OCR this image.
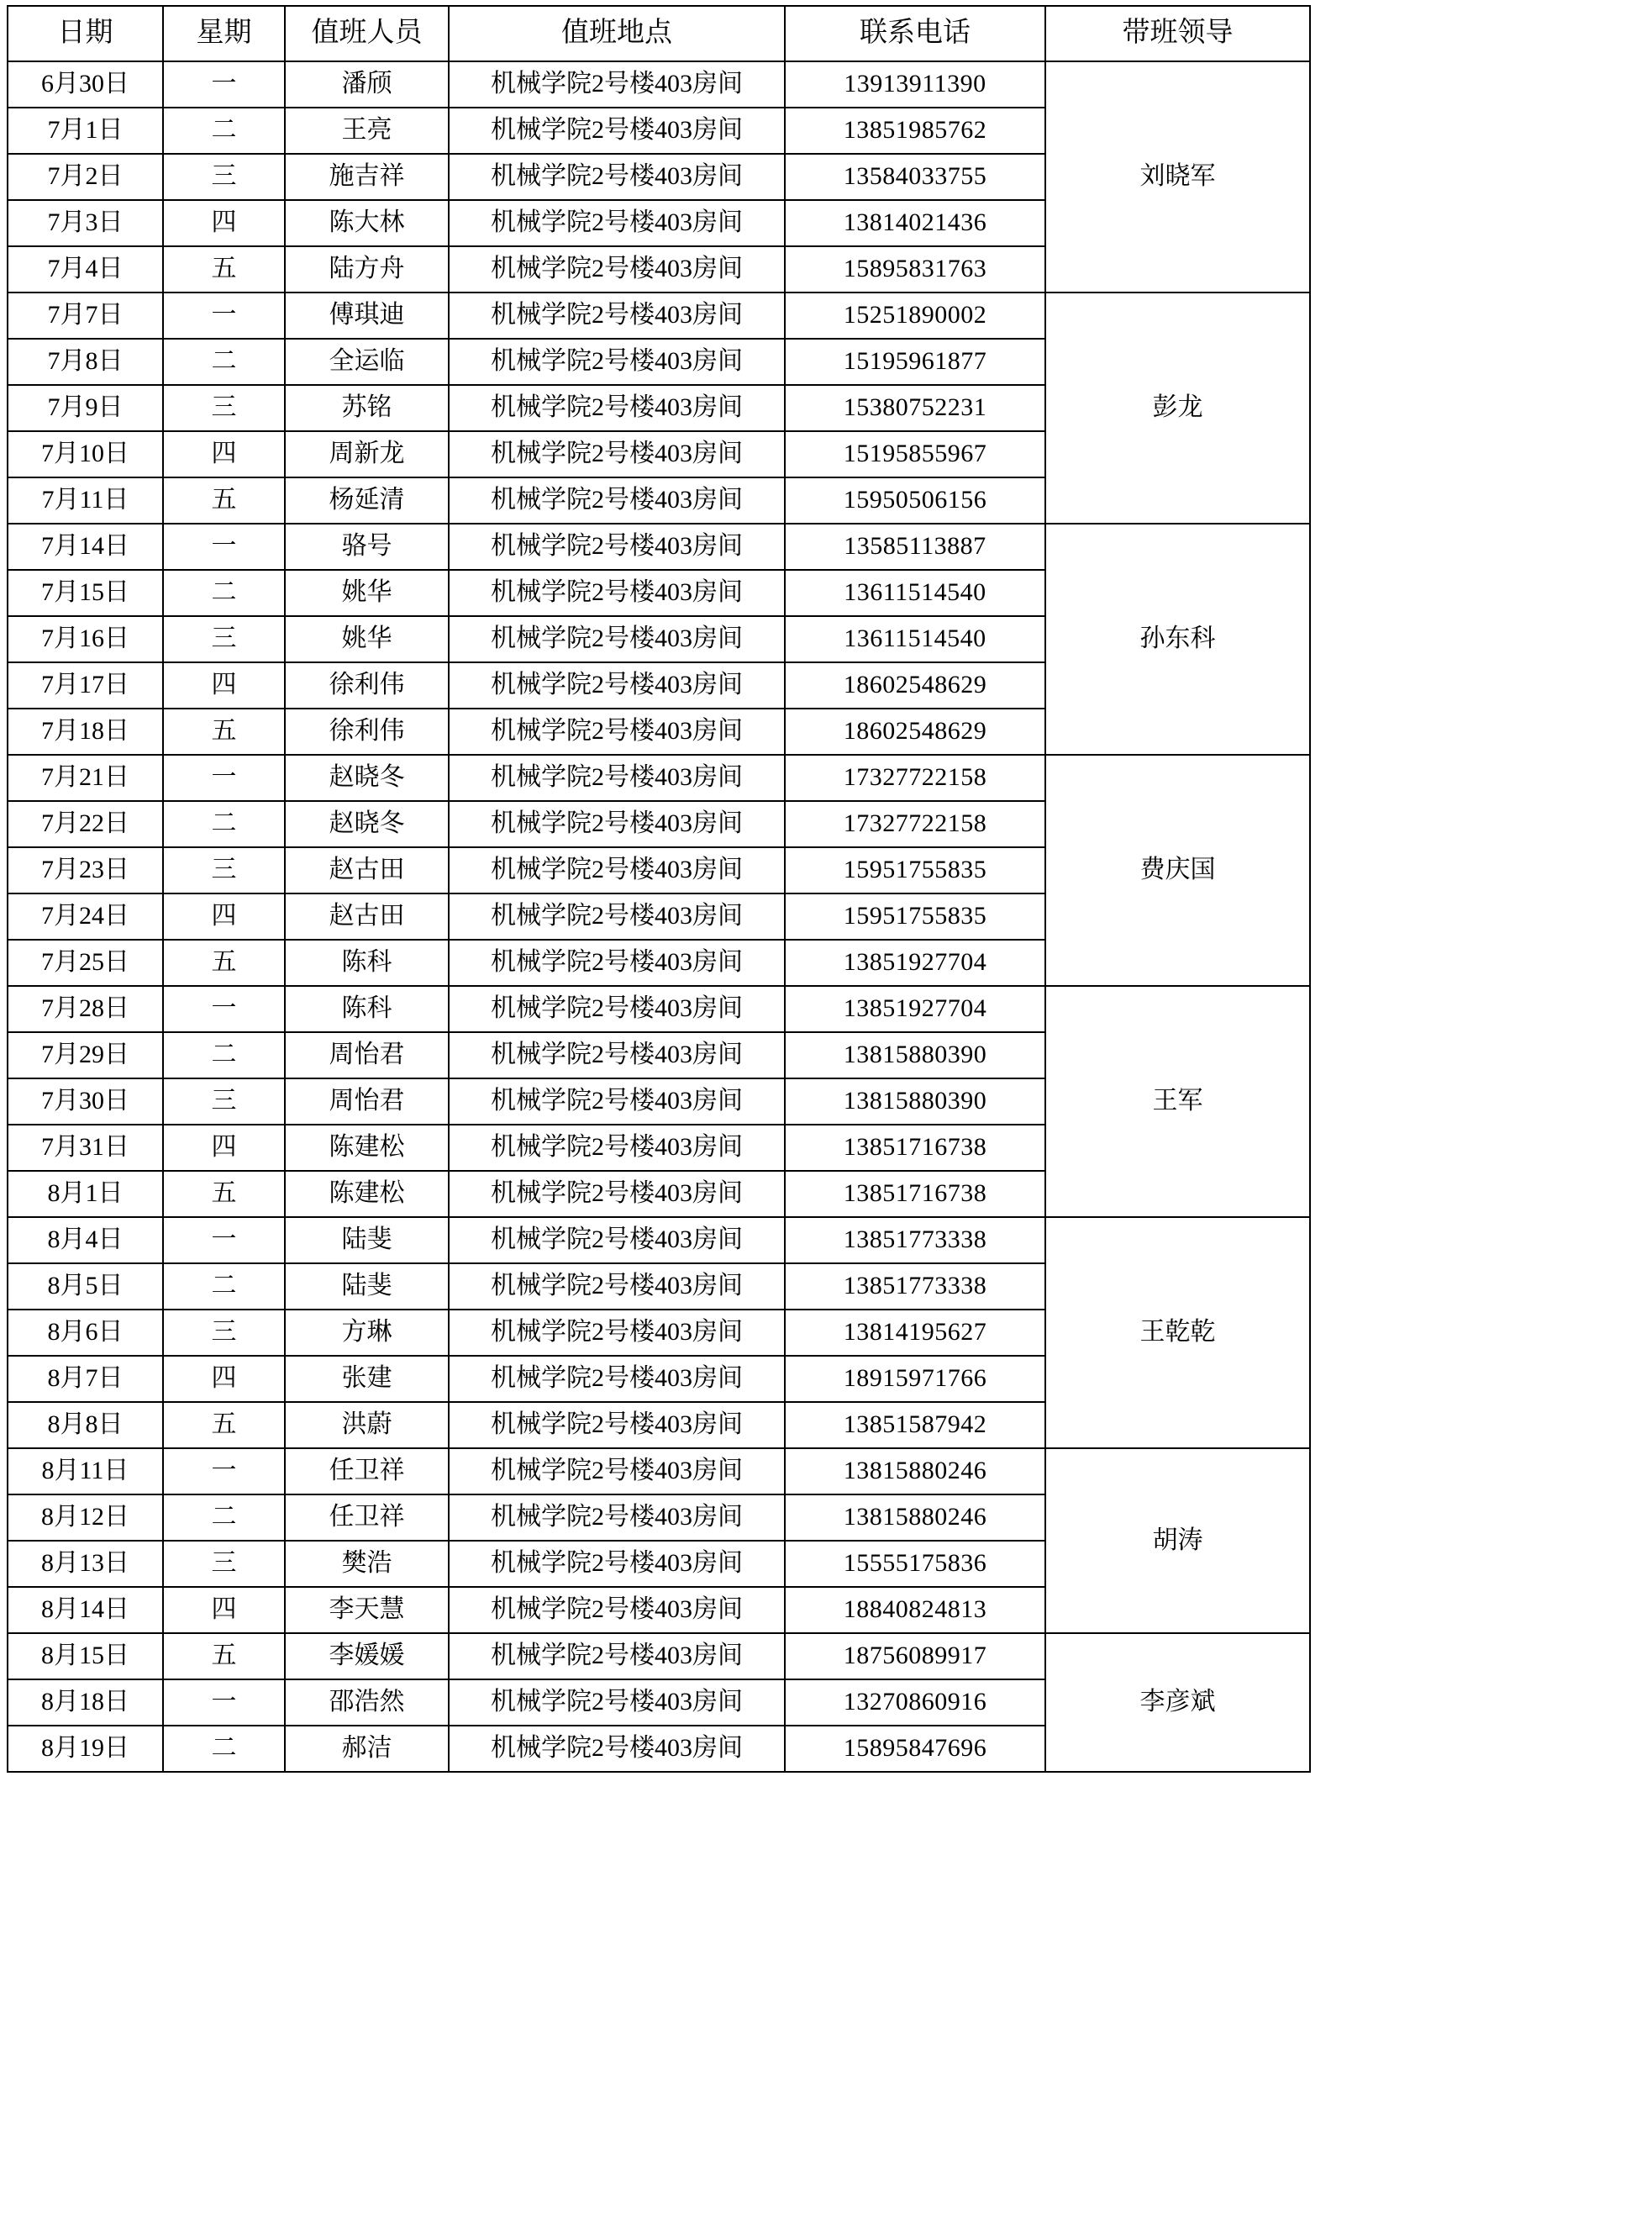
日期	星期	值班人员	值班地点	联系电话	带班领导
6月30日	一	潘颀	机械学院2号楼403房间	13913911390	刘晓军
7月1日	二	王亮	机械学院2号楼403房间	13851985762	
7月2日	三	施吉祥	机械学院2号楼403房间	13584033755	
7月3日	四	陈大林	机械学院2号楼403房间	13814021436	
7月4日	五	陆方舟	机械学院2号楼403房间	15895831763	
7月7日	一	傅琪迪	机械学院2号楼403房间	15251890002	彭龙
7月8日	二	全运临	机械学院2号楼403房间	15195961877	
7月9日	三	苏铭	机械学院2号楼403房间	15380752231	
7月10日	四	周新龙	机械学院2号楼403房间	15195855967	
7月11日	五	杨延清	机械学院2号楼403房间	15950506156	
7月14日	一	骆号	机械学院2号楼403房间	13585113887	孙东科
7月15日	二	姚华	机械学院2号楼403房间	13611514540	
7月16日	三	姚华	机械学院2号楼403房间	13611514540	
7月17日	四	徐利伟	机械学院2号楼403房间	18602548629	
7月18日	五	徐利伟	机械学院2号楼403房间	18602548629	
7月21日	一	赵晓冬	机械学院2号楼403房间	17327722158	费庆国
7月22日	二	赵晓冬	机械学院2号楼403房间	17327722158	
7月23日	三	赵古田	机械学院2号楼403房间	15951755835	
7月24日	四	赵古田	机械学院2号楼403房间	15951755835	
7月25日	五	陈科	机械学院2号楼403房间	13851927704	
7月28日	一	陈科	机械学院2号楼403房间	13851927704	王军
7月29日	二	周怡君	机械学院2号楼403房间	13815880390	
7月30日	三	周怡君	机械学院2号楼403房间	13815880390	
7月31日	四	陈建松	机械学院2号楼403房间	13851716738	
8月1日	五	陈建松	机械学院2号楼403房间	13851716738	
8月4日	一	陆斐	机械学院2号楼403房间	13851773338	王乾乾
8月5日	二	陆斐	机械学院2号楼403房间	13851773338	
8月6日	三	方琳	机械学院2号楼403房间	13814195627	
8月7日	四	张建	机械学院2号楼403房间	18915971766	
8月8日	五	洪蔚	机械学院2号楼403房间	13851587942	
8月11日	一	任卫祥	机械学院2号楼403房间	13815880246	胡涛
8月12日	二	任卫祥	机械学院2号楼403房间	13815880246	
8月13日	三	樊浩	机械学院2号楼403房间	15555175836	
8月14日	四	李天慧	机械学院2号楼403房间	18840824813	
8月15日	五	李媛媛	机械学院2号楼403房间	18756089917	李彦斌
8月18日	一	邵浩然	机械学院2号楼403房间	13270860916	
8月19日	二	郝洁	机械学院2号楼403房间	15895847696	
